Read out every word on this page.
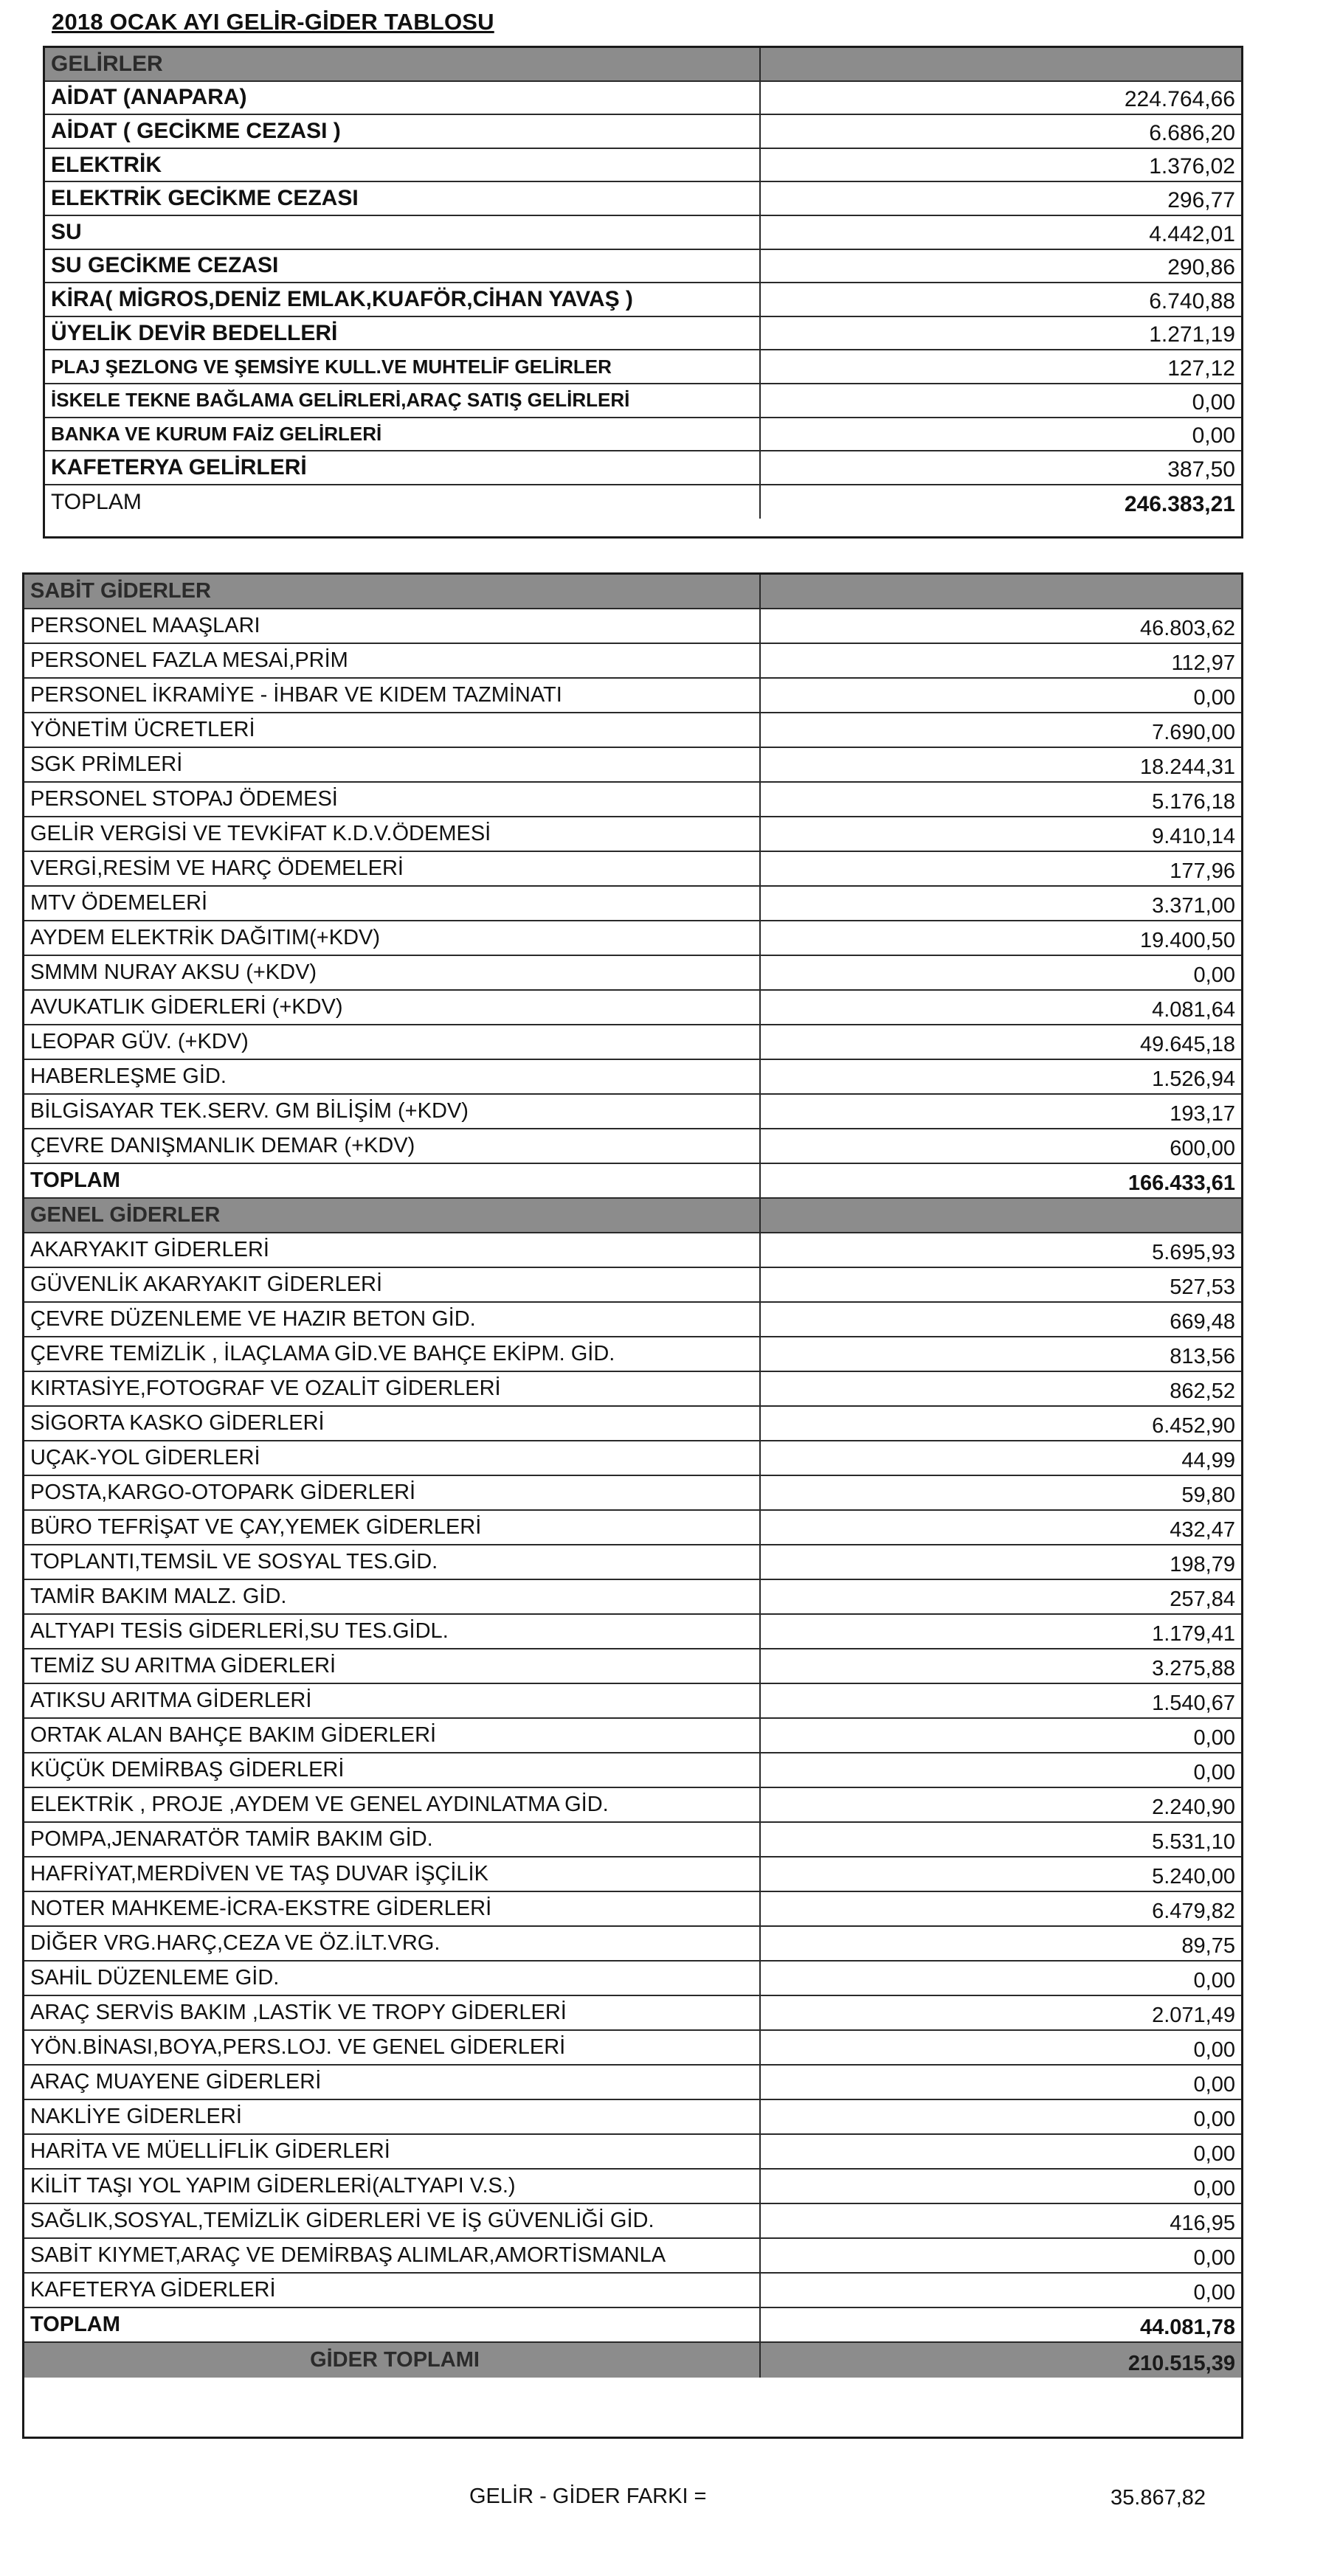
2018 OCAK AYI GELİR-GİDER TABLOSU
GELİRLER
AİDAT (ANAPARA)	224.764,66
AİDAT ( GECİKME CEZASI )	6.686,20
ELEKTRİK	1.376,02
ELEKTRİK GECİKME CEZASI	296,77
SU	4.442,01
SU GECİKME CEZASI	290,86
KİRA( MİGROS,DENİZ EMLAK,KUAFÖR,CİHAN YAVAŞ )	6.740,88
ÜYELİK DEVİR BEDELLERİ	1.271,19
PLAJ ŞEZLONG VE ŞEMSİYE KULL.VE MUHTELİF GELİRLER	127,12
İSKELE TEKNE BAĞLAMA GELİRLERİ,ARAÇ SATIŞ GELİRLERİ	0,00
BANKA VE KURUM FAİZ GELİRLERİ	0,00
KAFETERYA GELİRLERİ	387,50
TOPLAM	246.383,21
SABİT GİDERLER
PERSONEL MAAŞLARI	46.803,62
PERSONEL FAZLA MESAİ,PRİM	112,97
PERSONEL İKRAMİYE - İHBAR VE KIDEM TAZMİNATI	0,00
YÖNETİM ÜCRETLERİ	7.690,00
SGK PRİMLERİ	18.244,31
PERSONEL STOPAJ ÖDEMESİ	5.176,18
GELİR VERGİSİ VE TEVKİFAT K.D.V.ÖDEMESİ	9.410,14
VERGİ,RESİM VE HARÇ ÖDEMELERİ	177,96
MTV ÖDEMELERİ	3.371,00
AYDEM ELEKTRİK DAĞITIM(+KDV)	19.400,50
SMMM NURAY AKSU (+KDV)	0,00
AVUKATLIK GİDERLERİ (+KDV)	4.081,64
LEOPAR GÜV. (+KDV)	49.645,18
HABERLEŞME GİD.	1.526,94
BİLGİSAYAR TEK.SERV. GM BİLİŞİM (+KDV)	193,17
ÇEVRE DANIŞMANLIK DEMAR (+KDV)	600,00
TOPLAM	166.433,61
GENEL GİDERLER
AKARYAKIT GİDERLERİ	5.695,93
GÜVENLİK AKARYAKIT GİDERLERİ	527,53
ÇEVRE DÜZENLEME VE HAZIR BETON GİD.	669,48
ÇEVRE TEMİZLİK , İLAÇLAMA GİD.VE BAHÇE EKİPM. GİD.	813,56
KIRTASİYE,FOTOGRAF VE OZALİT GİDERLERİ	862,52
SİGORTA KASKO GİDERLERİ	6.452,90
UÇAK-YOL GİDERLERİ	44,99
POSTA,KARGO-OTOPARK GİDERLERİ	59,80
BÜRO TEFRİŞAT VE ÇAY,YEMEK GİDERLERİ	432,47
TOPLANTI,TEMSİL VE SOSYAL TES.GİD.	198,79
TAMİR BAKIM MALZ. GİD.	257,84
ALTYAPI TESİS GİDERLERİ,SU TES.GİDL.	1.179,41
TEMİZ SU ARITMA GİDERLERİ	3.275,88
ATIKSU ARITMA GİDERLERİ	1.540,67
ORTAK ALAN BAHÇE BAKIM GİDERLERİ	0,00
KÜÇÜK DEMİRBAŞ GİDERLERİ	0,00
ELEKTRİK , PROJE ,AYDEM VE GENEL AYDINLATMA GİD.	2.240,90
POMPA,JENARATÖR TAMİR BAKIM GİD.	5.531,10
HAFRİYAT,MERDİVEN VE TAŞ DUVAR İŞÇİLİK	5.240,00
NOTER MAHKEME-İCRA-EKSTRE GİDERLERİ	6.479,82
DİĞER VRG.HARÇ,CEZA VE ÖZ.İLT.VRG.	89,75
SAHİL DÜZENLEME GİD.	0,00
ARAÇ SERVİS BAKIM ,LASTİK VE TROPY GİDERLERİ	2.071,49
YÖN.BİNASI,BOYA,PERS.LOJ. VE GENEL GİDERLERİ	0,00
ARAÇ MUAYENE GİDERLERİ	0,00
NAKLİYE GİDERLERİ	0,00
HARİTA VE MÜELLİFLİK GİDERLERİ	0,00
KİLİT TAŞI YOL YAPIM GİDERLERİ(ALTYAPI V.S.)	0,00
SAĞLIK,SOSYAL,TEMİZLİK GİDERLERİ VE İŞ GÜVENLİĞİ GİD.	416,95
SABİT KIYMET,ARAÇ VE DEMİRBAŞ ALIMLAR,AMORTİSMANLA	0,00
KAFETERYA GİDERLERİ	0,00
TOPLAM	44.081,78
GİDER TOPLAMI	210.515,39
GELİR - GİDER FARKI =	35.867,82
